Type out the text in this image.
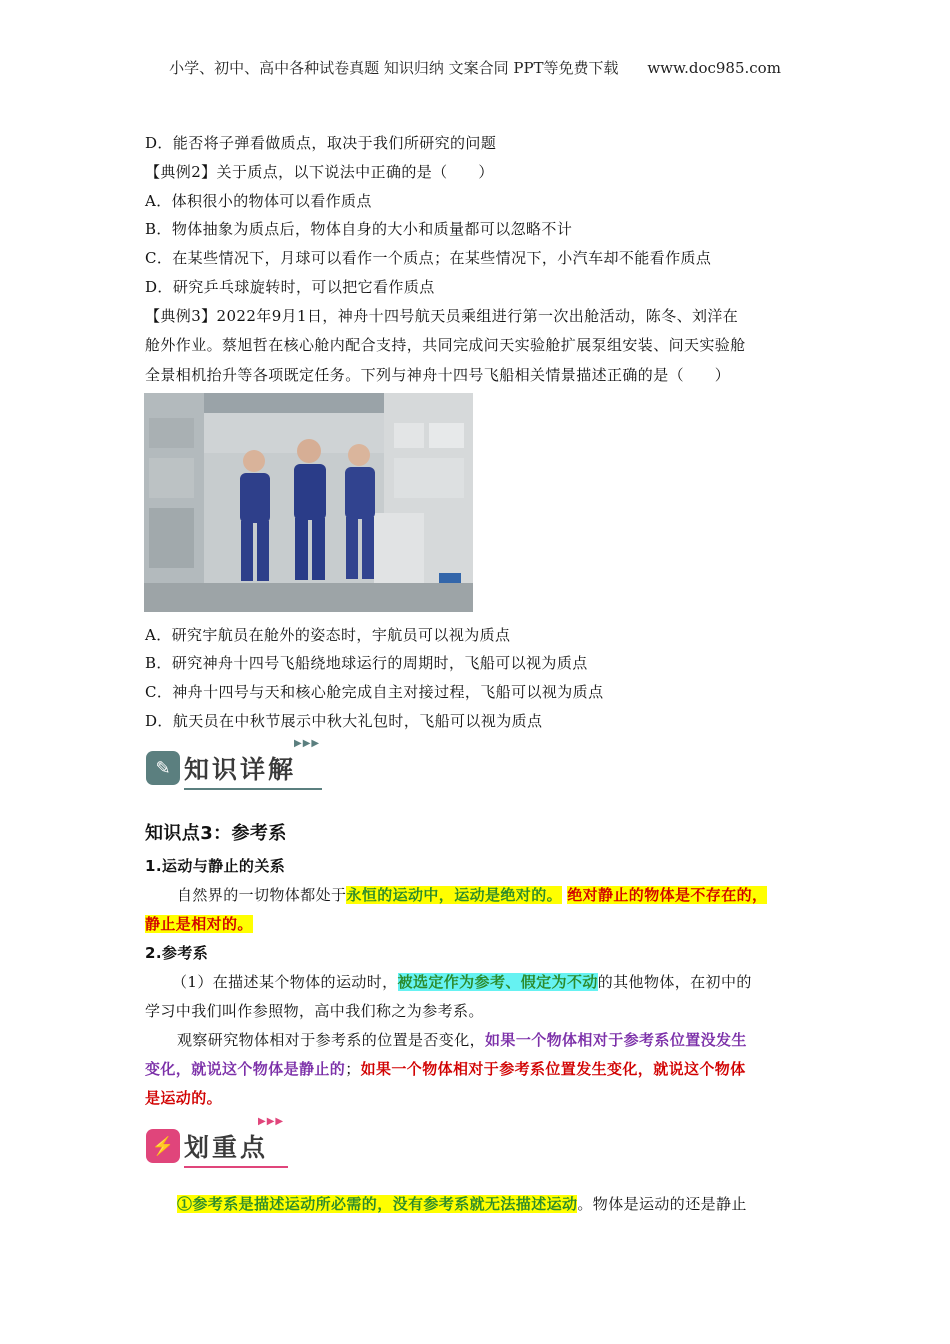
小学、初中、高中各种试卷真题 知识归纳 文案合同 PPT等免费下载 www.doc985.com
D．能否将子弹看做质点，取决于我们所研究的问题
【典例2】关于质点，以下说法中正确的是（　　）
A．体积很小的物体可以看作质点
B．物体抽象为质点后，物体自身的大小和质量都可以忽略不计
C．在某些情况下，月球可以看作一个质点；在某些情况下，小汽车却不能看作质点
D．研究乒乓球旋转时，可以把它看作质点
【典例3】2022年9月1日，神舟十四号航天员乘组进行第一次出舱活动，陈冬、刘洋在
舱外作业。蔡旭哲在核心舱内配合支持，共同完成问天实验舱扩展泵组安装、问天实验舱
全景相机抬升等各项既定任务。下列与神舟十四号飞船相关情景描述正确的是（　　）
A．研究宇航员在舱外的姿态时，宇航员可以视为质点
B．研究神舟十四号飞船绕地球运行的周期时，飞船可以视为质点
C．神舟十四号与天和核心舱完成自主对接过程，飞船可以视为质点
D．航天员在中秋节展示中秋大礼包时，飞船可以视为质点
✎ 知识详解
▶▶▶
知识点3：参考系
1.运动与静止的关系
自然界的一切物体都处于永恒的运动中，运动是绝对的。 绝对静止的物体是不存在的，
静止是相对的。
2.参考系
（1）在描述某个物体的运动时，被选定作为参考、假定为不动的其他物体，在初中的
学习中我们叫作参照物，高中我们称之为参考系。
观察研究物体相对于参考系的位置是否变化，如果一个物体相对于参考系位置没发生
变化，就说这个物体是静止的；如果一个物体相对于参考系位置发生变化，就说这个物体
是运动的。
⚡ 划重点
▶▶▶
①参考系是描述运动所必需的，没有参考系就无法描述运动。物体是运动的还是静止
